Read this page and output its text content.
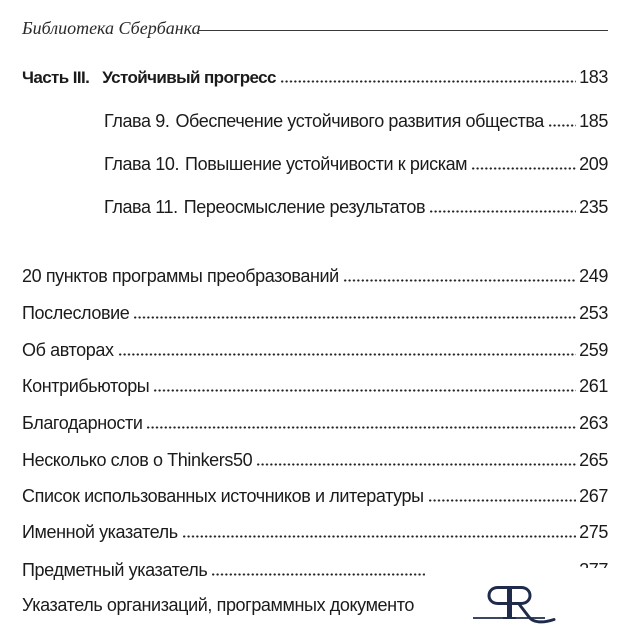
Библиотека Сбербанка
Часть III. Устойчивый прогресс	183
Глава 9. Обеспечение устойчивого развития общества 185
Глава 10. Повышение устойчивости к рискам	209
Глава 11. Переосмысление результатов	235
20 пунктов программы преобразований	249
Послесловие	253
Об авторах	259
Контрибьюторы	261
Благодарности	263
Несколько слов о Thinkers50	265
Список использованных источников и литературы	267
Именной указатель	275
Предметный указатель
Указатель организаций, программных документо
